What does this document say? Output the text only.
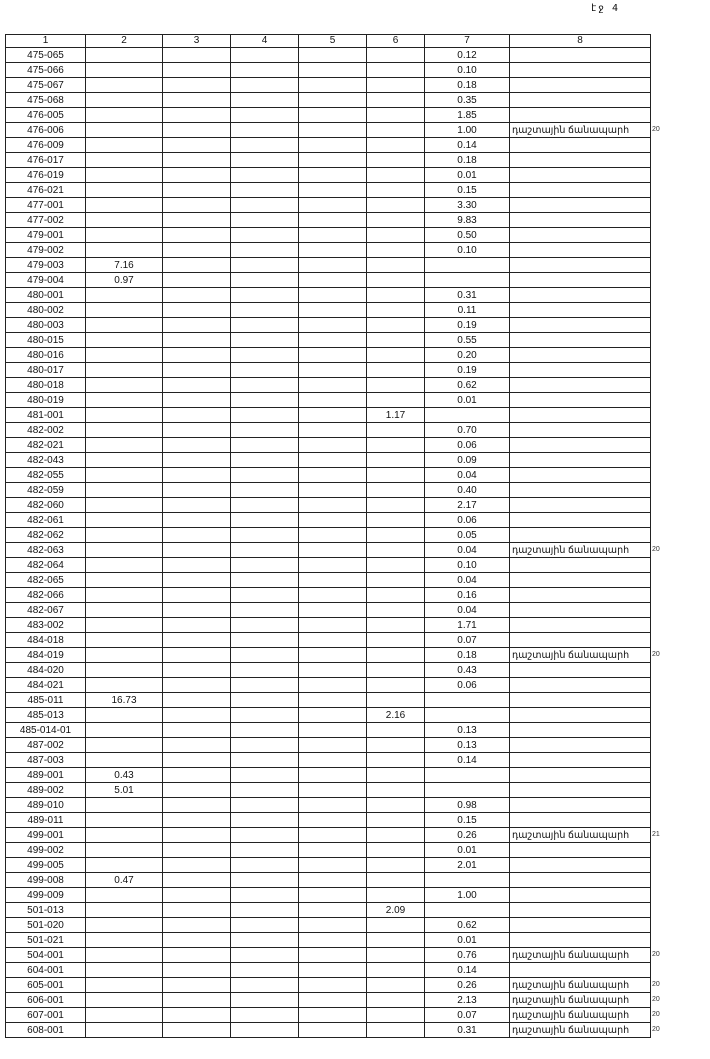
էջ 4
1	2	3	4	5	6	7	8
475-065						0.12	
475-066						0.10	
475-067						0.18	
475-068						0.35	
476-005						1.85	
476-006						1.00	դաշտային ճանապարհ
476-009						0.14	
476-017						0.18	
476-019						0.01	
476-021						0.15	
477-001						3.30	
477-002						9.83	
479-001						0.50	
479-002						0.10	
479-003	7.16						
479-004	0.97						
480-001						0.31	
480-002						0.11	
480-003						0.19	
480-015						0.55	
480-016						0.20	
480-017						0.19	
480-018						0.62	
480-019						0.01	
481-001					1.17		
482-002						0.70	
482-021						0.06	
482-043						0.09	
482-055						0.04	
482-059						0.40	
482-060						2.17	
482-061						0.06	
482-062						0.05	
482-063						0.04	դաշտային ճանապարհ
482-064						0.10	
482-065						0.04	
482-066						0.16	
482-067						0.04	
483-002						1.71	
484-018						0.07	
484-019						0.18	դաշտային ճանապարհ
484-020						0.43	
484-021						0.06	
485-011	16.73						
485-013					2.16		
485-014-01						0.13	
487-002						0.13	
487-003						0.14	
489-001	0.43						
489-002	5.01						
489-010						0.98	
489-011						0.15	
499-001						0.26	դաշտային ճանապարհ
499-002						0.01	
499-005						2.01	
499-008	0.47						
499-009						1.00	
501-013					2.09		
501-020						0.62	
501-021						0.01	
504-001						0.76	դաշտային ճանապարհ
604-001						0.14	
605-001						0.26	դաշտային ճանապարհ
606-001						2.13	դաշտային ճանապարհ
607-001						0.07	դաշտային ճանապարհ
608-001						0.31	դաշտային ճանապարհ
20
20
20
21
20
20
20
20
20
